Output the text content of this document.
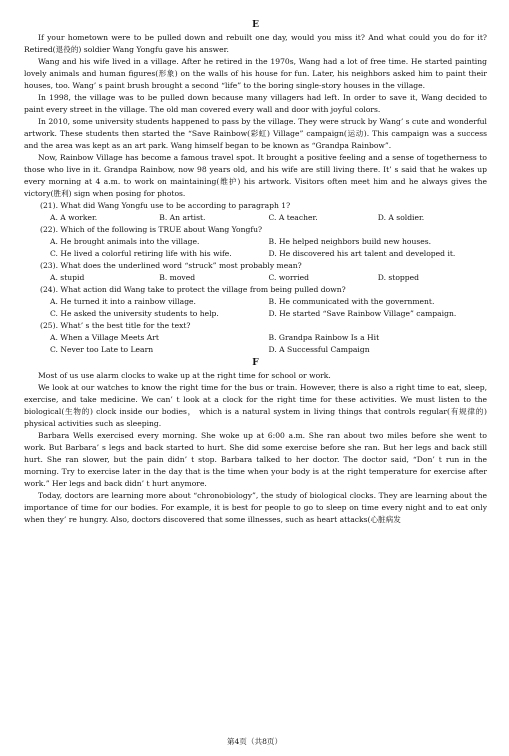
E

If your hometown were to be pulled down and rebuilt one day, would you miss it? And what could you do for it? Retired(退役的) soldier Wang Yongfu gave his answer.

Wang and his wife lived in a village. After he retired in the 1970s, Wang had a lot of free time. He started painting lovely animals and human figures(形象) on the walls of his house for fun. Later, his neighbors asked him to paint their houses, too. Wang’ s paint brush brought a second “life” to the boring single-story houses in the village.

In 1998, the village was to be pulled down because many villagers had left. In order to save it, Wang decided to paint every street in the village. The old man covered every wall and door with joyful colors.

In 2010, some university students happened to pass by the village. They were struck by Wang’ s cute and wonderful artwork. These students then started the “Save Rainbow(彩虹) Village” campaign(运动). This campaign was a success and the area was kept as an art park. Wang himself began to be known as “Grandpa Rainbow”.

Now, Rainbow Village has become a famous travel spot. It brought a positive feeling and a sense of togetherness to those who live in it. Grandpa Rainbow, now 98 years old, and his wife are still living there. It’ s said that he wakes up every morning at 4 a.m. to work on maintaining(维护) his artwork. Visitors often meet him and he always gives the victory(胜利) sign when posing for photos.

(21). What did Wang Yongfu use to be according to paragraph 1?
A. A worker.	B. An artist.	C. A teacher.	D. A soldier.
(22). Which of the following is TRUE about Wang Yongfu?
A. He brought animals into the village.	B. He helped neighbors build new houses.
C. He lived a colorful retiring life with his wife.	D. He discovered his art talent and developed it.
(23). What does the underlined word “struck” most probably mean?
A. stupid	B. moved	C. worried	D. stopped
(24). What action did Wang take to protect the village from being pulled down?
A. He turned it into a rainbow village.	B. He communicated with the government.
C. He asked the university students to help.	D. He started “Save Rainbow Village” campaign.
(25). What’ s the best title for the text?
A. When a Village Meets Art	B. Grandpa Rainbow Is a Hit
C. Never too Late to Learn	D. A Successful Campaign
F

Most of us use alarm clocks to wake up at the right time for school or work.

We look at our watches to know the right time for the bus or train. However, there is also a right time to eat, sleep, exercise, and take medicine. We can’ t look at a clock for the right time for these activities. We must listen to the biological(生物的) clock inside our bodies， which is a natural system in living things that controls regular(有规律的) physical activities such as sleeping.

Barbara Wells exercised every morning. She woke up at 6:00 a.m. She ran about two miles before she went to work. But Barbara’ s legs and back started to hurt. She did some exercise before she ran. But her legs and back still hurt. She ran slower, but the pain didn’ t stop. Barbara talked to her doctor. The doctor said, “Don’ t run in the morning. Try to exercise later in the day that is the time when your body is at the right temperature for exercise after work.” Her legs and back didn’ t hurt anymore.

Today, doctors are learning more about “chronobiology”, the study of biological clocks. They are learning about the importance of time for our bodies. For example, it is best for people to go to sleep on time every night and to eat only when they’ re hungry. Also, doctors discovered that some illnesses, such as heart attacks(心脏病发

第4页（共8页）
